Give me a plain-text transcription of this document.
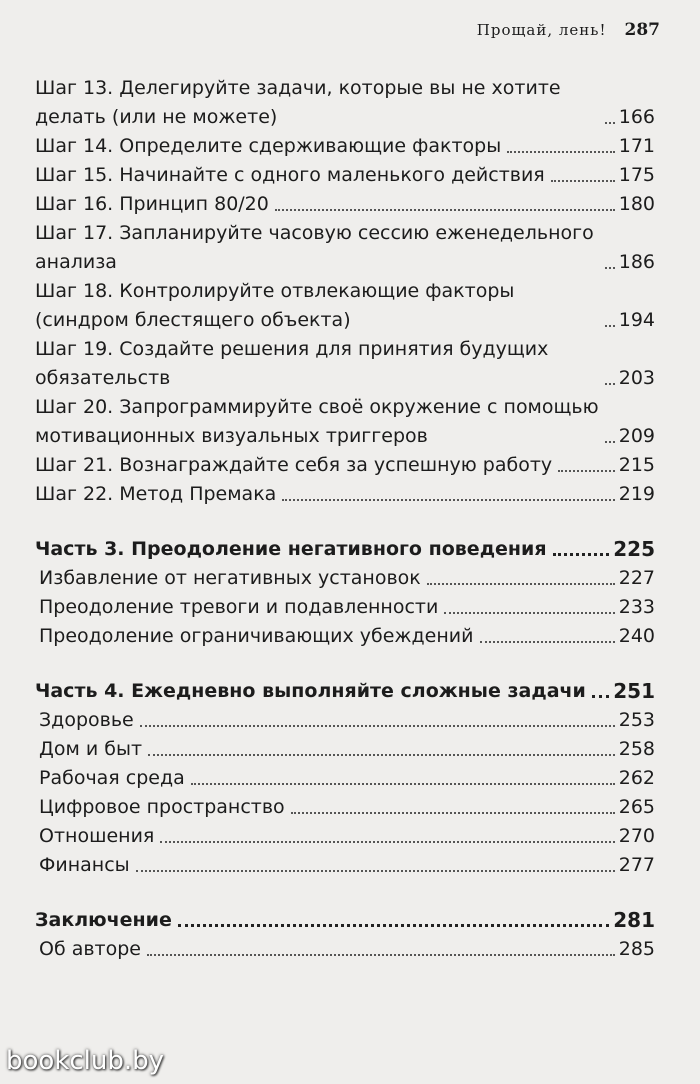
Прощай, лень! 287
Шаг 13. Делегируйте задачи, которые вы не хотите делать (или не можете)	166
Шаг 14. Определите сдерживающие факторы	171
Шаг 15. Начинайте с одного маленького действия	175
Шаг 16. Принцип 80/20	180
Шаг 17. Запланируйте часовую сессию еженедельного анализа	186
Шаг 18. Контролируйте отвлекающие факторы (синдром блестящего объекта)	194
Шаг 19. Создайте решения для принятия будущих обязательств	203
Шаг 20. Запрограммируйте своё окружение с помощью мотивационных визуальных триггеров	209
Шаг 21. Вознаграждайте себя за успешную работу	215
Шаг 22. Метод Премака	219
Часть 3. Преодоление негативного поведения	225
Избавление от негативных установок	227
Преодоление тревоги и подавленности	233
Преодоление ограничивающих убеждений	240
Часть 4. Ежедневно выполняйте сложные задачи 251
Здоровье	253
Дом и быт	258
Рабочая среда	262
Цифровое пространство	265
Отношения	270
Финансы	277
Заключение	281
Об авторе	285
bookclub.by
